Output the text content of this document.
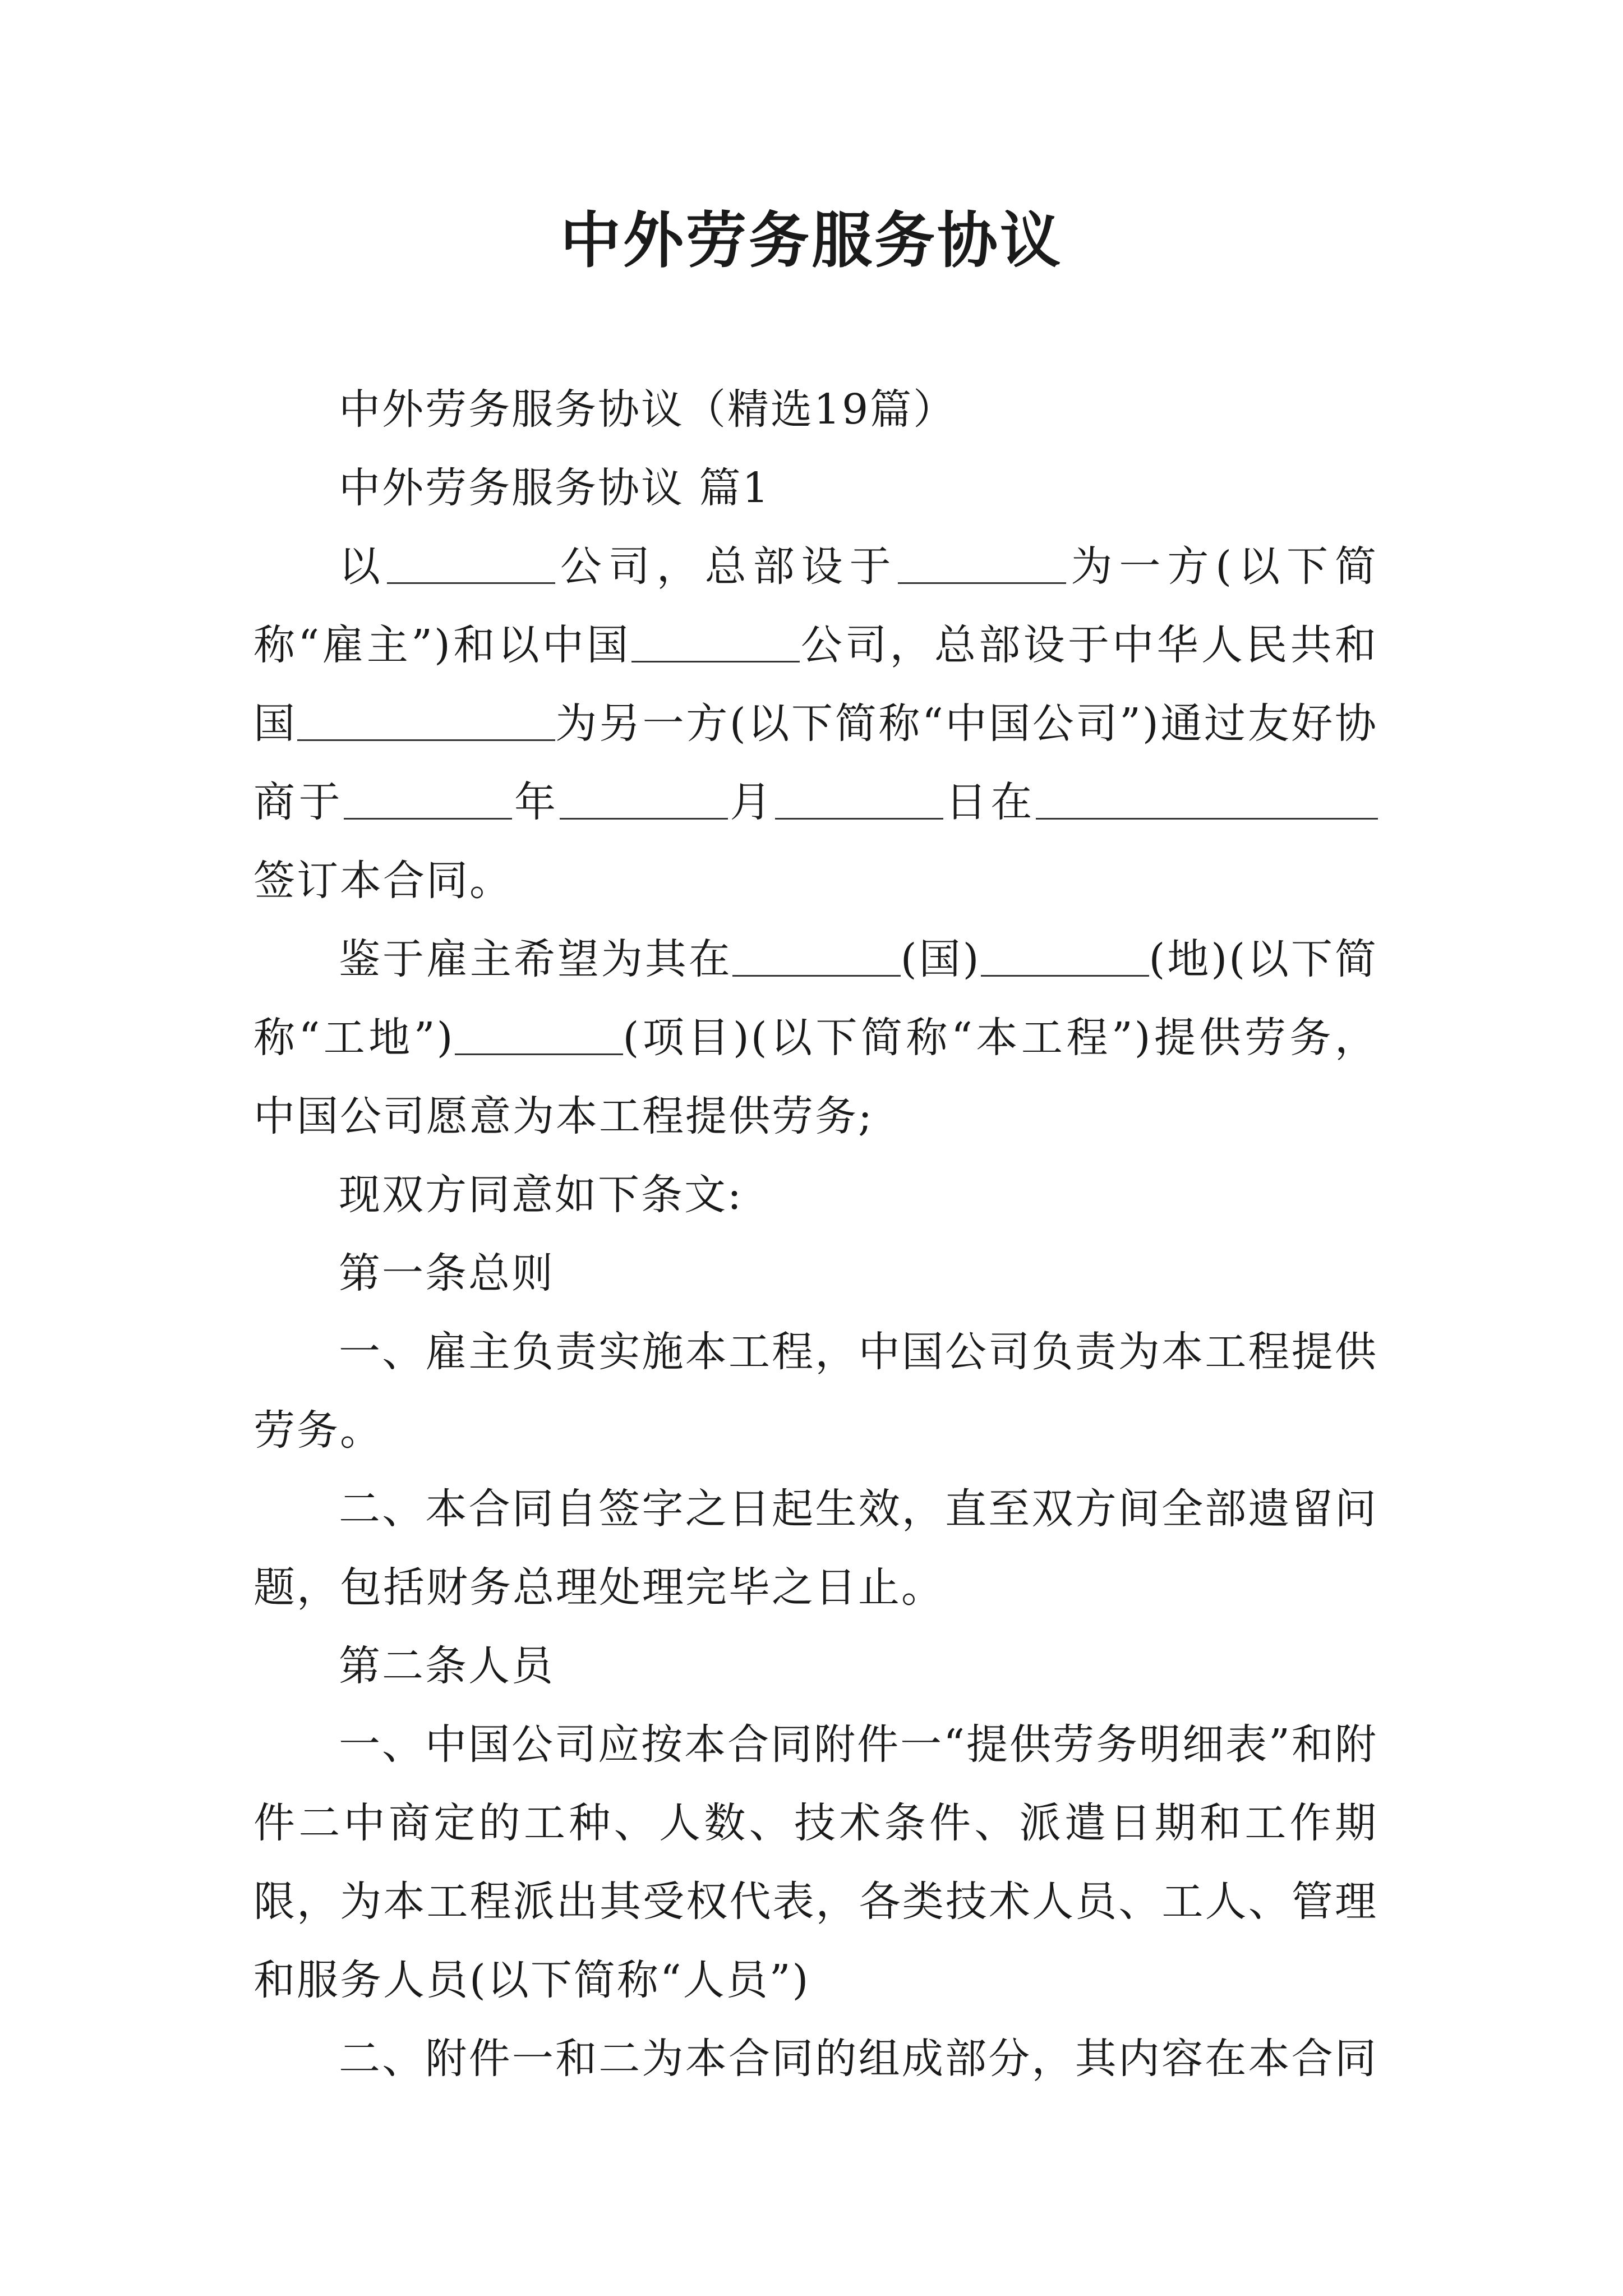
中外劳务服务协议

中外劳务服务协议（精选19篇）

中外劳务服务协议 篇1

以	公司，总部设于	为一方(以下简称“雇主”)和以中国	公司，总部设于中华人民共和国	为另一方(以下简称“中国公司”)通过友好协商于	年	月	日在签订本合同。

鉴于雇主希望为其在	(国)	(地)(以下简称“工地”)	(项目)(以下简称“本工程”)提供劳务，中国公司愿意为本工程提供劳务;

现双方同意如下条文:

第一条总则

一、雇主负责实施本工程，中国公司负责为本工程提供劳务。

二、本合同自签字之日起生效，直至双方间全部遗留问题，包括财务总理处理完毕之日止。

第二条人员

一、中国公司应按本合同附件一“提供劳务明细表”和附件二中商定的工种、人数、技术条件、派遣日期和工作期限，为本工程派出其受权代表，各类技术人员、工人、管理和服务人员(以下简称“人员”)

二、附件一和二为本合同的组成部分，其内容在本合同
